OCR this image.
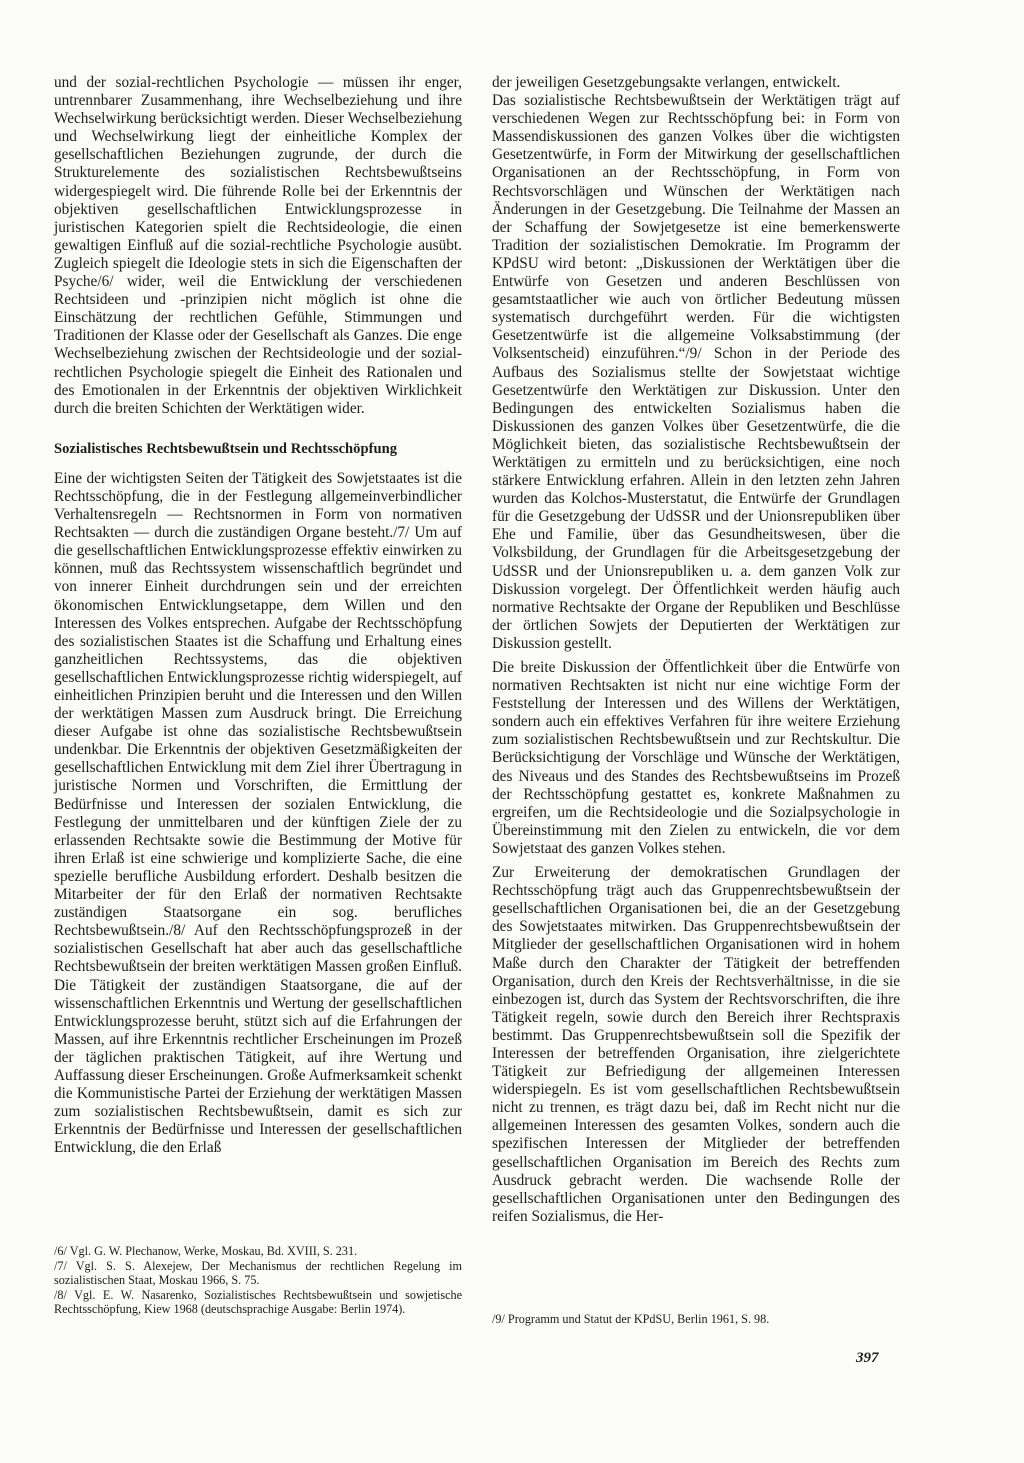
und der sozial-rechtlichen Psychologie — müssen ihr enger, untrennbarer Zusammenhang, ihre Wechselbeziehung und ihre Wechselwirkung berücksichtigt werden. Dieser Wechselbeziehung und Wechselwirkung liegt der einheitliche Komplex der gesellschaftlichen Beziehungen zugrunde, der durch die Strukturelemente des sozialistischen Rechtsbewußtseins widergespiegelt wird. Die führende Rolle bei der Erkenntnis der objektiven gesellschaftlichen Entwicklungsprozesse in juristischen Kategorien spielt die Rechtsideologie, die einen gewaltigen Einfluß auf die sozial-rechtliche Psychologie ausübt. Zugleich spiegelt die Ideologie stets in sich die Eigenschaften der Psyche/6/ wider, weil die Entwicklung der verschiedenen Rechtsideen und -prinzipien nicht möglich ist ohne die Einschätzung der rechtlichen Gefühle, Stimmungen und Traditionen der Klasse oder der Gesellschaft als Ganzes. Die enge Wechselbeziehung zwischen der Rechtsideologie und der sozial-rechtlichen Psychologie spiegelt die Einheit des Rationalen und des Emotionalen in der Erkenntnis der objektiven Wirklichkeit durch die breiten Schichten der Werktätigen wider.

Sozialistisches Rechtsbewußtsein und Rechtsschöpfung

Eine der wichtigsten Seiten der Tätigkeit des Sowjetstaates ist die Rechtsschöpfung, die in der Festlegung allgemeinverbindlicher Verhaltensregeln — Rechtsnormen in Form von normativen Rechtsakten — durch die zuständigen Organe besteht./7/ Um auf die gesellschaftlichen Entwicklungsprozesse effektiv einwirken zu können, muß das Rechtssystem wissenschaftlich begründet und von innerer Einheit durchdrungen sein und der erreichten ökonomischen Entwicklungsetappe, dem Willen und den Interessen des Volkes entsprechen. Aufgabe der Rechtsschöpfung des sozialistischen Staates ist die Schaffung und Erhaltung eines ganzheitlichen Rechtssystems, das die objektiven gesellschaftlichen Entwicklungsprozesse richtig widerspiegelt, auf einheitlichen Prinzipien beruht und die Interessen und den Willen der werktätigen Massen zum Ausdruck bringt. Die Erreichung dieser Aufgabe ist ohne das sozialistische Rechtsbewußtsein undenkbar. Die Erkenntnis der objektiven Gesetzmäßigkeiten der gesellschaftlichen Entwicklung mit dem Ziel ihrer Übertragung in juristische Normen und Vorschriften, die Ermittlung der Bedürfnisse und Interessen der sozialen Entwicklung, die Festlegung der unmittelbaren und der künftigen Ziele der zu erlassenden Rechtsakte sowie die Bestimmung der Motive für ihren Erlaß ist eine schwierige und komplizierte Sache, die eine spezielle berufliche Ausbildung erfordert. Deshalb besitzen die Mitarbeiter der für den Erlaß der normativen Rechtsakte zuständigen Staatsorgane ein sog. berufliches Rechtsbewußtsein./8/ Auf den Rechtsschöpfungsprozeß in der sozialistischen Gesellschaft hat aber auch das gesellschaftliche Rechtsbewußtsein der breiten werktätigen Massen großen Einfluß. Die Tätigkeit der zuständigen Staatsorgane, die auf der wissenschaftlichen Erkenntnis und Wertung der gesellschaftlichen Entwicklungsprozesse beruht, stützt sich auf die Erfahrungen der Massen, auf ihre Erkenntnis rechtlicher Erscheinungen im Prozeß der täglichen praktischen Tätigkeit, auf ihre Wertung und Auffassung dieser Erscheinungen. Große Aufmerksamkeit schenkt die Kommunistische Partei der Erziehung der werktätigen Massen zum sozialistischen Rechtsbewußtsein, damit es sich zur Erkenntnis der Bedürfnisse und Interessen der gesellschaftlichen Entwicklung, die den Erlaß

/6/ Vgl. G. W. Plechanow, Werke, Moskau, Bd. XVIII, S. 231.

/7/ Vgl. S. S. Alexejew, Der Mechanismus der rechtlichen Regelung im sozialistischen Staat, Moskau 1966, S. 75.

/8/ Vgl. E. W. Nasarenko, Sozialistisches Rechtsbewußtsein und sowjetische Rechtsschöpfung, Kiew 1968 (deutschsprachige Ausgabe: Berlin 1974).

der jeweiligen Gesetzgebungsakte verlangen, entwickelt.

Das sozialistische Rechtsbewußtsein der Werktätigen trägt auf verschiedenen Wegen zur Rechtsschöpfung bei: in Form von Massendiskussionen des ganzen Volkes über die wichtigsten Gesetzentwürfe, in Form der Mitwirkung der gesellschaftlichen Organisationen an der Rechtsschöpfung, in Form von Rechtsvorschlägen und Wünschen der Werktätigen nach Änderungen in der Gesetzgebung. Die Teilnahme der Massen an der Schaffung der Sowjetgesetze ist eine bemerkenswerte Tradition der sozialistischen Demokratie. Im Programm der KPdSU wird betont: „Diskussionen der Werktätigen über die Entwürfe von Gesetzen und anderen Beschlüssen von gesamtstaatlicher wie auch von örtlicher Bedeutung müssen systematisch durchgeführt werden. Für die wichtigsten Gesetzentwürfe ist die allgemeine Volksabstimmung (der Volksentscheid) einzuführen.“/9/ Schon in der Periode des Aufbaus des Sozialismus stellte der Sowjetstaat wichtige Gesetzentwürfe den Werktätigen zur Diskussion. Unter den Bedingungen des entwickelten Sozialismus haben die Diskussionen des ganzen Volkes über Gesetzentwürfe, die die Möglichkeit bieten, das sozialistische Rechtsbewußtsein der Werktätigen zu ermitteln und zu berücksichtigen, eine noch stärkere Entwicklung erfahren. Allein in den letzten zehn Jahren wurden das Kolchos-Musterstatut, die Entwürfe der Grundlagen für die Gesetzgebung der UdSSR und der Unionsrepubliken über Ehe und Familie, über das Gesundheitswesen, über die Volksbildung, der Grundlagen für die Arbeitsgesetzgebung der UdSSR und der Unionsrepubliken u. a. dem ganzen Volk zur Diskussion vorgelegt. Der Öffentlichkeit werden häufig auch normative Rechtsakte der Organe der Republiken und Beschlüsse der örtlichen Sowjets der Deputierten der Werktätigen zur Diskussion gestellt.

Die breite Diskussion der Öffentlichkeit über die Entwürfe von normativen Rechtsakten ist nicht nur eine wichtige Form der Feststellung der Interessen und des Willens der Werktätigen, sondern auch ein effektives Verfahren für ihre weitere Erziehung zum sozialistischen Rechtsbewußtsein und zur Rechtskultur. Die Berücksichtigung der Vorschläge und Wünsche der Werktätigen, des Niveaus und des Standes des Rechtsbewußtseins im Prozeß der Rechtsschöpfung gestattet es, konkrete Maßnahmen zu ergreifen, um die Rechtsideologie und die Sozialpsychologie in Übereinstimmung mit den Zielen zu entwickeln, die vor dem Sowjetstaat des ganzen Volkes stehen.

Zur Erweiterung der demokratischen Grundlagen der Rechtsschöpfung trägt auch das Gruppenrechtsbewußtsein der gesellschaftlichen Organisationen bei, die an der Gesetzgebung des Sowjetstaates mitwirken. Das Gruppenrechtsbewußtsein der Mitglieder der gesellschaftlichen Organisationen wird in hohem Maße durch den Charakter der Tätigkeit der betreffenden Organisation, durch den Kreis der Rechtsverhältnisse, in die sie einbezogen ist, durch das System der Rechtsvorschriften, die ihre Tätigkeit regeln, sowie durch den Bereich ihrer Rechtspraxis bestimmt. Das Gruppenrechtsbewußtsein soll die Spezifik der Interessen der betreffenden Organisation, ihre zielgerichtete Tätigkeit zur Befriedigung der allgemeinen Interessen widerspiegeln. Es ist vom gesellschaftlichen Rechtsbewußtsein nicht zu trennen, es trägt dazu bei, daß im Recht nicht nur die allgemeinen Interessen des gesamten Volkes, sondern auch die spezifischen Interessen der Mitglieder der betreffenden gesellschaftlichen Organisation im Bereich des Rechts zum Ausdruck gebracht werden. Die wachsende Rolle der gesellschaftlichen Organisationen unter den Bedingungen des reifen Sozialismus, die Her-

/9/ Programm und Statut der KPdSU, Berlin 1961, S. 98.

397
